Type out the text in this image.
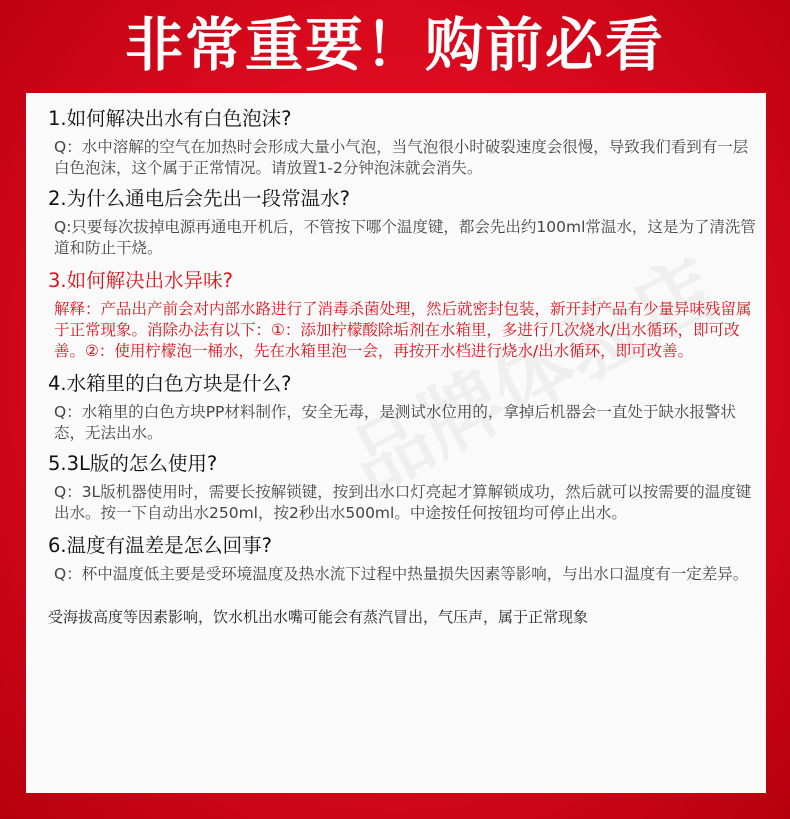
非常重要！购前必看

1.如何解决出水有白色泡沫?

Q：水中溶解的空气在加热时会形成大量小气泡，当气泡很小时破裂速度会很慢，导致我们看到有一层白色泡沫，这个属于正常情况。请放置1-2分钟泡沫就会消失。

2.为什么通电后会先出一段常温水?

Q:只要每次拔掉电源再通电开机后，不管按下哪个温度键，都会先出约100ml常温水，这是为了清洗管道和防止干烧。

3.如何解决出水异味?

解释：产品出产前会对内部水路进行了消毒杀菌处理，然后就密封包装，新开封产品有少量异味残留属于正常现象。消除办法有以下：①：添加柠檬酸除垢剂在水箱里，多进行几次烧水/出水循环，即可改善。②：使用柠檬泡一桶水，先在水箱里泡一会，再按开水档进行烧水/出水循环，即可改善。

4.水箱里的白色方块是什么?

Q：水箱里的白色方块PP材料制作，安全无毒，是测试水位用的，拿掉后机器会一直处于缺水报警状态，无法出水。

5.3L版的怎么使用?

Q：3L版机器使用时，需要长按解锁键，按到出水口灯亮起才算解锁成功，然后就可以按需要的温度键出水。按一下自动出水250ml，按2秒出水500ml。中途按任何按钮均可停止出水。

6.温度有温差是怎么回事?

Q：杯中温度低主要是受环境温度及热水流下过程中热量损失因素等影响，与出水口温度有一定差异。

受海拔高度等因素影响，饮水机出水嘴可能会有蒸汽冒出，气压声，属于正常现象
